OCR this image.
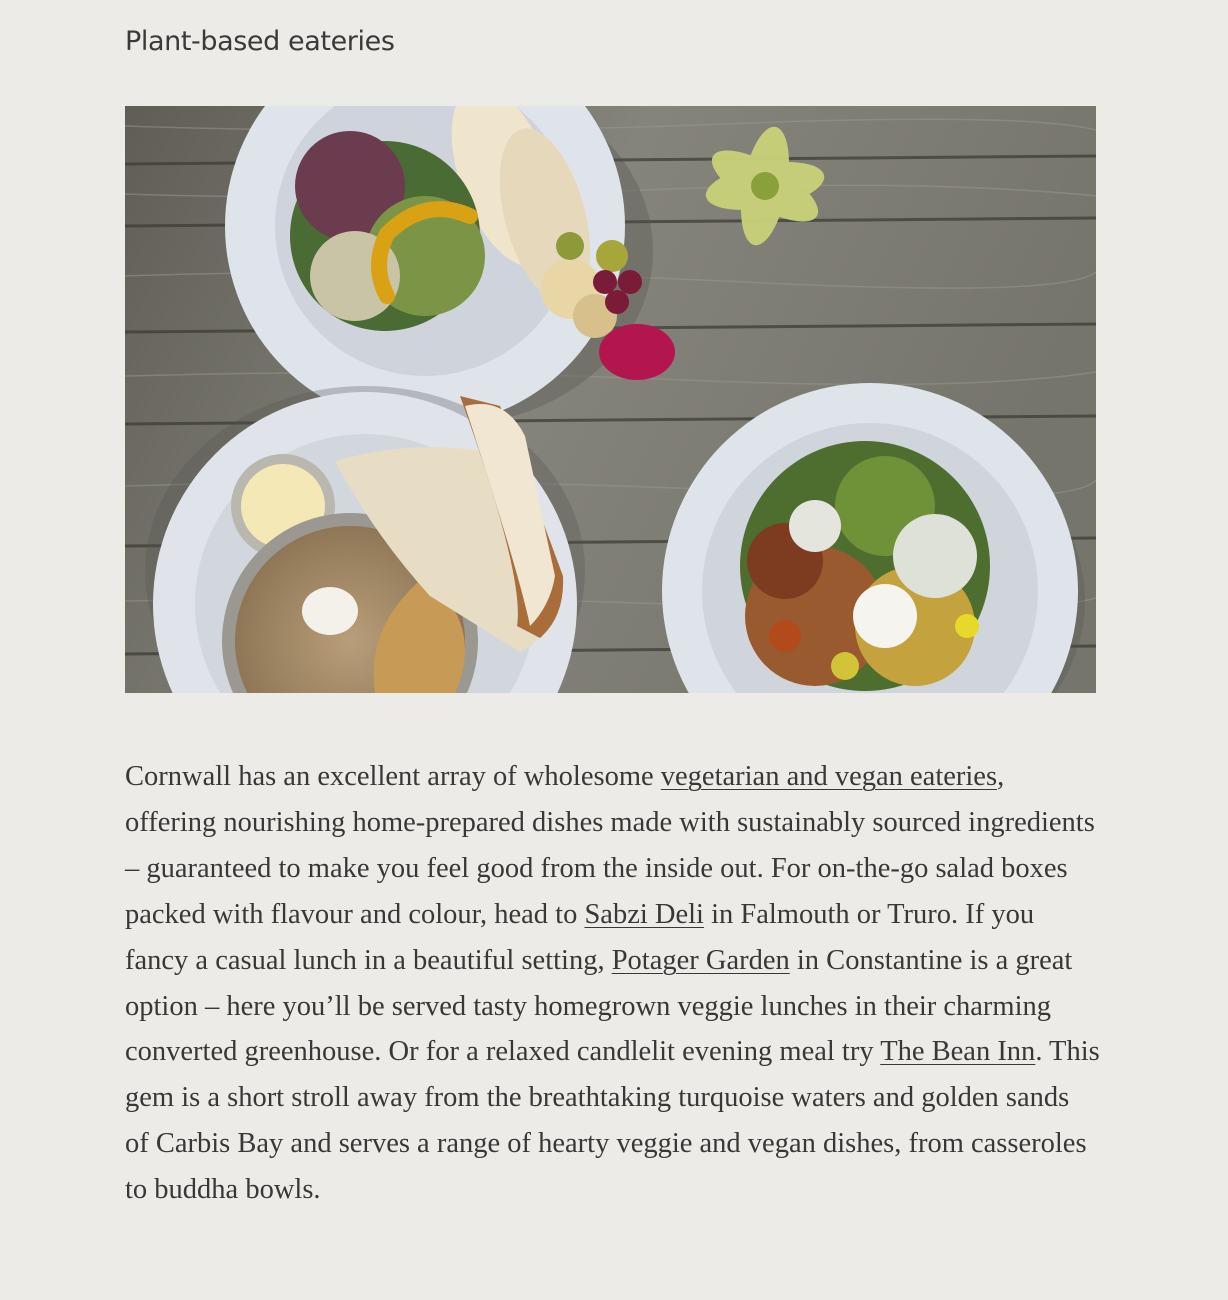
Plant-based eateries

Cornwall has an excellent array of wholesome vegetarian and vegan eateries, offering nourishing home-prepared dishes made with sustainably sourced ingredients – guaranteed to make you feel good from the inside out. For on-the-go salad boxes packed with flavour and colour, head to Sabzi Deli in Falmouth or Truro. If you fancy a casual lunch in a beautiful setting, Potager Garden in Constantine is a great option – here you’ll be served tasty homegrown veggie lunches in their charming converted greenhouse. Or for a relaxed candlelit evening meal try The Bean Inn. This gem is a short stroll away from the breathtaking turquoise waters and golden sands of Carbis Bay and serves a range of hearty veggie and vegan dishes, from casseroles to buddha bowls.
